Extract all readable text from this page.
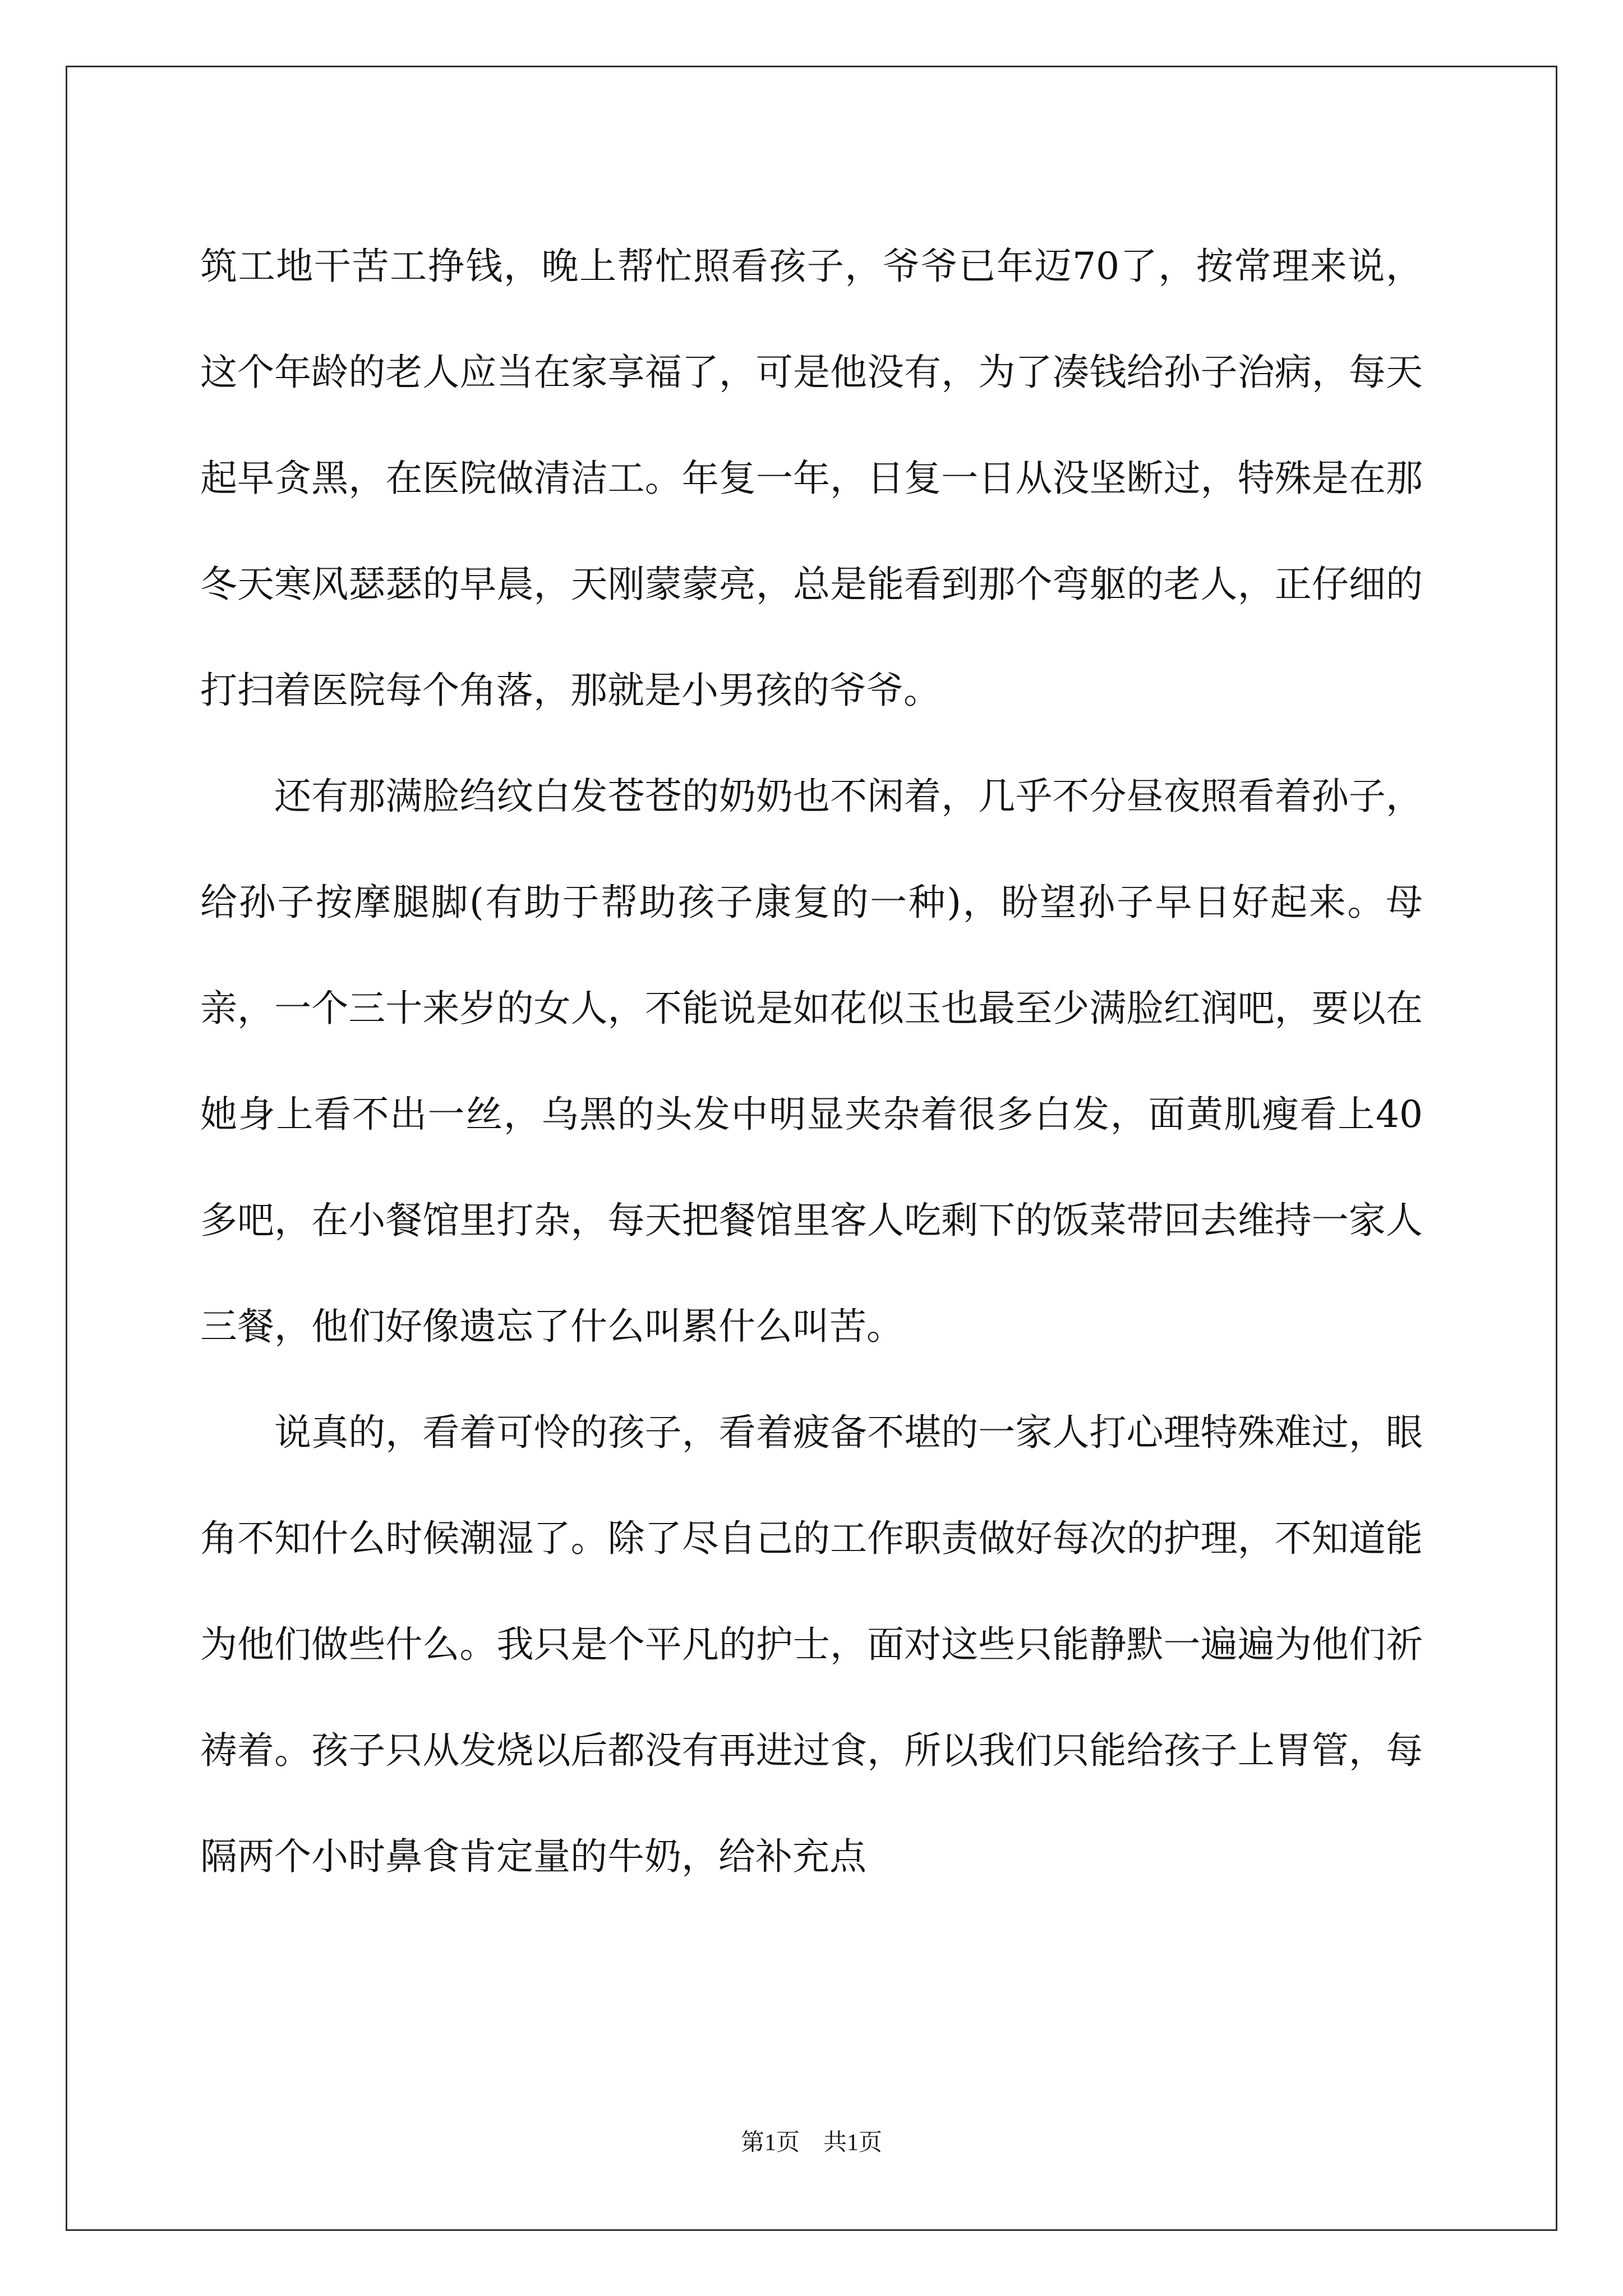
筑工地干苦工挣钱，晚上帮忙照看孩子，爷爷已年迈70了，按常理来说，这个年龄的老人应当在家享福了，可是他没有，为了凑钱给孙子治病，每天起早贪黑，在医院做清洁工。年复一年，日复一日从没坚断过，特殊是在那冬天寒风瑟瑟的早晨，天刚蒙蒙亮，总是能看到那个弯躯的老人，正仔细的打扫着医院每个角落，那就是小男孩的爷爷。

还有那满脸绉纹白发苍苍的奶奶也不闲着，几乎不分昼夜照看着孙子，给孙子按摩腿脚(有助于帮助孩子康复的一种)，盼望孙子早日好起来。母亲，一个三十来岁的女人，不能说是如花似玉也最至少满脸红润吧，要以在她身上看不出一丝，乌黑的头发中明显夹杂着很多白发，面黄肌瘦看上40多吧，在小餐馆里打杂，每天把餐馆里客人吃剩下的饭菜带回去维持一家人三餐，他们好像遗忘了什么叫累什么叫苦。

说真的，看着可怜的孩子，看着疲备不堪的一家人打心理特殊难过，眼角不知什么时候潮湿了。除了尽自己的工作职责做好每次的护理，不知道能为他们做些什么。我只是个平凡的护士，面对这些只能静默一遍遍为他们祈祷着。孩子只从发烧以后都没有再进过食，所以我们只能给孩子上胃管，每隔两个小时鼻食肯定量的牛奶，给补充点

第1页　共1页
